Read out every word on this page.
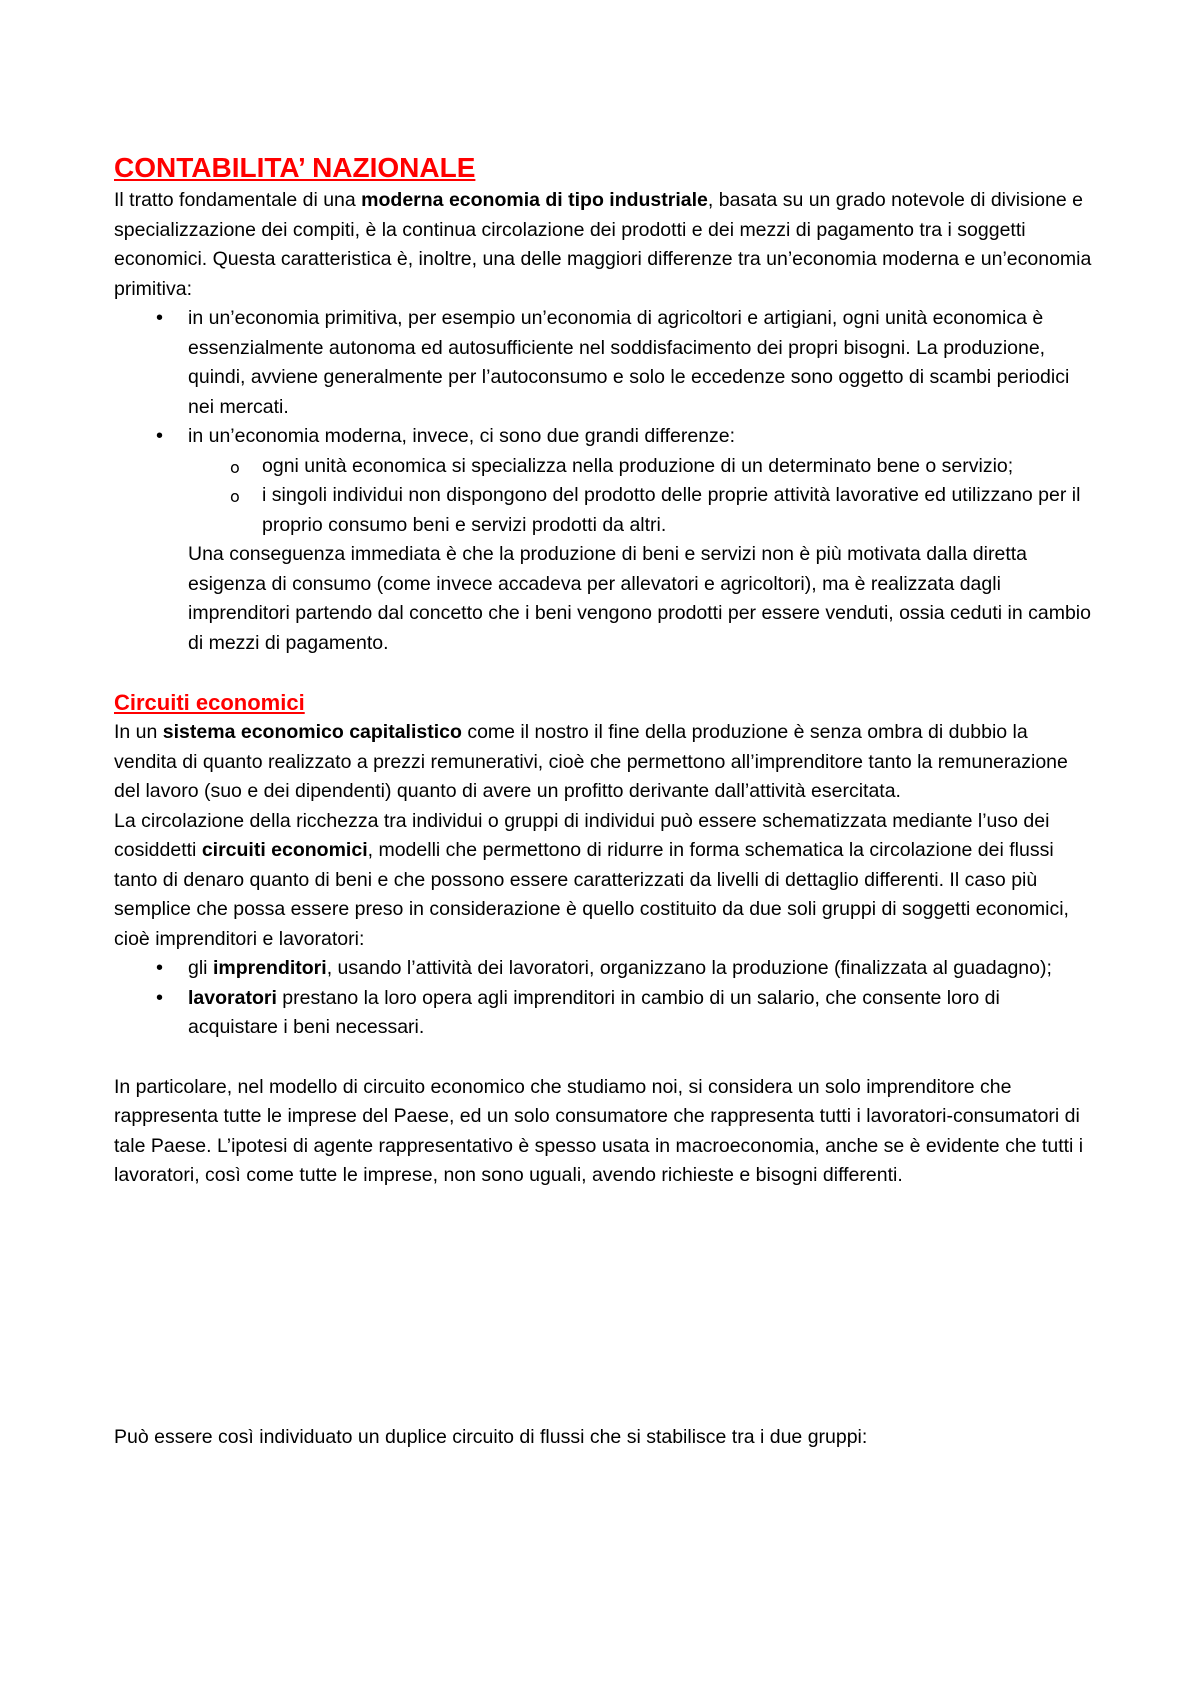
CONTABILITA’ NAZIONALE

Il tratto fondamentale di una moderna economia di tipo industriale, basata su un grado notevole di divisione e specializzazione dei compiti, è la continua circolazione dei prodotti e dei mezzi di pagamento tra i soggetti economici. Questa caratteristica è, inoltre, una delle maggiori differenze tra un’economia moderna e un’economia primitiva:

• in un’economia primitiva, per esempio un’economia di agricoltori e artigiani, ogni unità economica è essenzialmente autonoma ed autosufficiente nel soddisfacimento dei propri bisogni. La produzione, quindi, avviene generalmente per l’autoconsumo e solo le eccedenze sono oggetto di scambi periodici nei mercati.
• in un’economia moderna, invece, ci sono due grandi differenze:
o ogni unità economica si specializza nella produzione di un determinato bene o servizio;
o i singoli individui non dispongono del prodotto delle proprie attività lavorative ed utilizzano per il proprio consumo beni e servizi prodotti da altri.

Una conseguenza immediata è che la produzione di beni e servizi non è più motivata dalla diretta esigenza di consumo (come invece accadeva per allevatori e agricoltori), ma è realizzata dagli imprenditori partendo dal concetto che i beni vengono prodotti per essere venduti, ossia ceduti in cambio di mezzi di pagamento.

Circuiti economici

In un sistema economico capitalistico come il nostro il fine della produzione è senza ombra di dubbio la vendita di quanto realizzato a prezzi remunerativi, cioè che permettono all’imprenditore tanto la remunerazione del lavoro (suo e dei dipendenti) quanto di avere un profitto derivante dall’attività esercitata.

La circolazione della ricchezza tra individui o gruppi di individui può essere schematizzata mediante l’uso dei cosiddetti circuiti economici, modelli che permettono di ridurre in forma schematica la circolazione dei flussi tanto di denaro quanto di beni e che possono essere caratterizzati da livelli di dettaglio differenti. Il caso più semplice che possa essere preso in considerazione è quello costituito da due soli gruppi di soggetti economici, cioè imprenditori e lavoratori:

• gli imprenditori, usando l’attività dei lavoratori, organizzano la produzione (finalizzata al guadagno);
• lavoratori prestano la loro opera agli imprenditori in cambio di un salario, che consente loro di acquistare i beni necessari.

In particolare, nel modello di circuito economico che studiamo noi, si considera un solo imprenditore che rappresenta tutte le imprese del Paese, ed un solo consumatore che rappresenta tutti i lavoratori-consumatori di tale Paese. L’ipotesi di agente rappresentativo è spesso usata in macroeconomia, anche se è evidente che tutti i lavoratori, così come tutte le imprese, non sono uguali, avendo richieste e bisogni differenti.

Può essere così individuato un duplice circuito di flussi che si stabilisce tra i due gruppi:
